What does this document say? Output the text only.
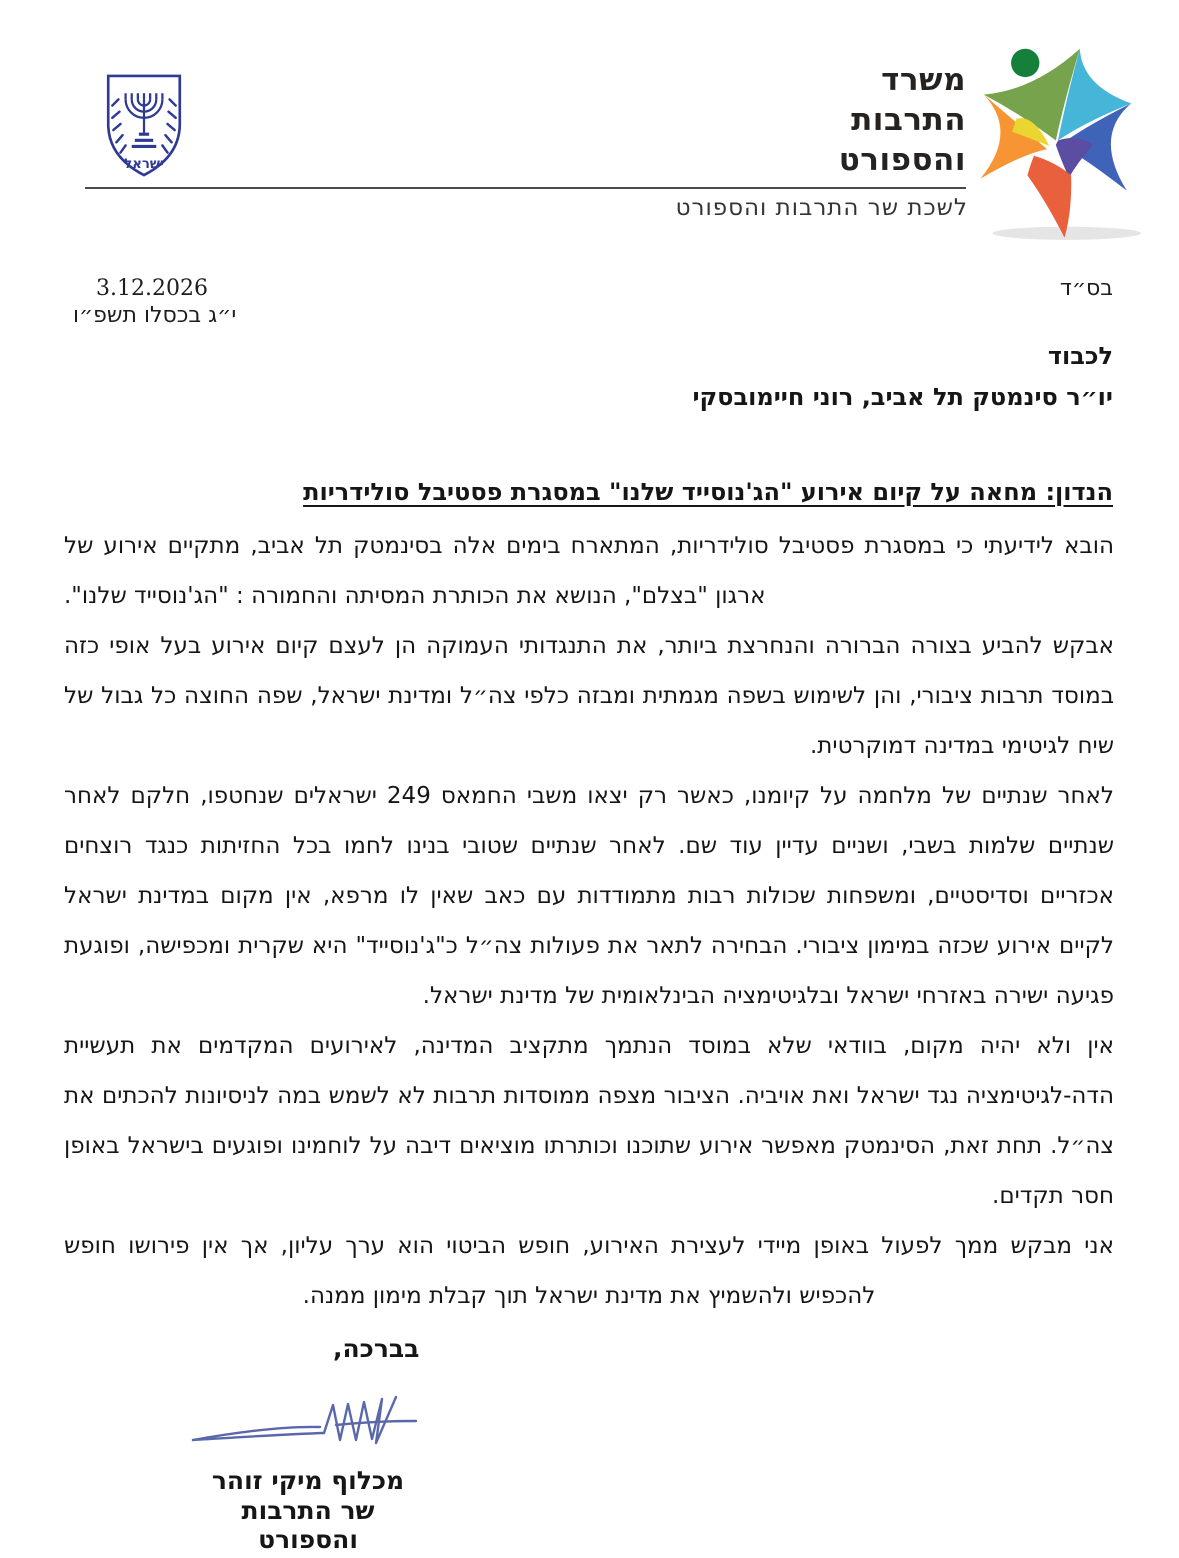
ישראל
משרד
התרבות
והספורט
לשכת שר התרבות והספורט
בס״ד
3.12.2026
י״ג בכסלו תשפ״ו
לכבוד
יו״ר סינמטק תל אביב, רוני חיימובסקי
הנדון: מחאה על קיום אירוע "הג'נוסייד שלנו" במסגרת פסטיבל סולידריות

הובא לידיעתי כי במסגרת פסטיבל סולידריות, המתארח בימים אלה בסינמטק תל אביב, מתקיים אירוע של ארגון "בצלם", הנושא את הכותרת המסיתה והחמורה : "הג'נוסייד שלנו".

אבקש להביע בצורה הברורה והנחרצת ביותר, את התנגדותי העמוקה הן לעצם קיום אירוע בעל אופי כזה במוסד תרבות ציבורי, והן לשימוש בשפה מגמתית ומבזה כלפי צה״ל ומדינת ישראל, שפה החוצה כל גבול של שיח לגיטימי במדינה דמוקרטית.

לאחר שנתיים של מלחמה על קיומנו, כאשר רק יצאו משבי החמאס 249 ישראלים שנחטפו, חלקם לאחר שנתיים שלמות בשבי, ושניים עדיין עוד שם. לאחר שנתיים שטובי בנינו לחמו בכל החזיתות כנגד רוצחים אכזריים וסדיסטיים, ומשפחות שכולות רבות מתמודדות עם כאב שאין לו מרפא, אין מקום במדינת ישראל לקיים אירוע שכזה במימון ציבורי. הבחירה לתאר את פעולות צה״ל כ"ג'נוסייד" היא שקרית ומכפישה, ופוגעת פגיעה ישירה באזרחי ישראל ובלגיטימציה הבינלאומית של מדינת ישראל.

אין ולא יהיה מקום, בוודאי שלא במוסד הנתמך מתקציב המדינה, לאירועים המקדמים את תעשיית הדה-לגיטימציה נגד ישראל ואת אויביה. הציבור מצפה ממוסדות תרבות לא לשמש במה לניסיונות להכתים את צה״ל. תחת זאת, הסינמטק מאפשר אירוע שתוכנו וכותרתו מוציאים דיבה על לוחמינו ופוגעים בישראל באופן חסר תקדים.

אני מבקש ממך לפעול באופן מיידי לעצירת האירוע, חופש הביטוי הוא ערך עליון, אך אין פירושו חופש להכפיש ולהשמיץ את מדינת ישראל תוך קבלת מימון ממנה.

בברכה,
מכלוף מיקי זוהר
שר התרבות והספורט
